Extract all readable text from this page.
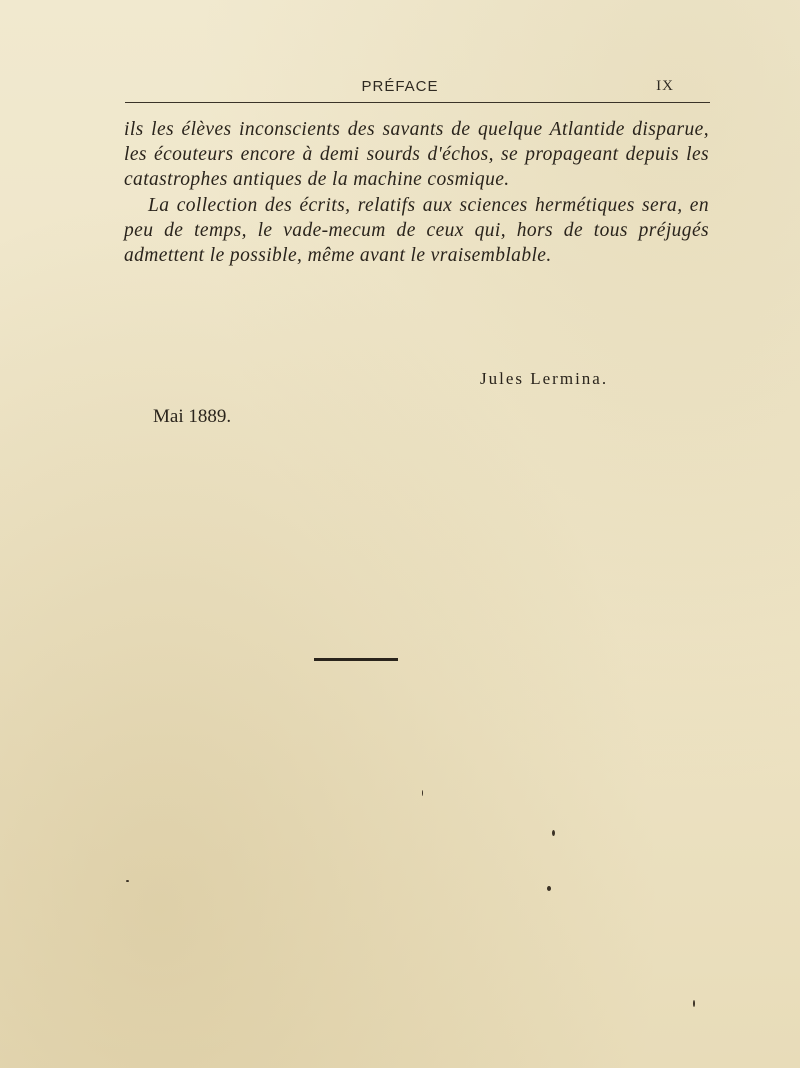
PRÉFACE	IX

ils les élèves inconscients des savants de quelque Atlantide disparue, les écouteurs encore à demi sourds d'échos, se propageant depuis les catastrophes antiques de la machine cosmique.

La collection des écrits, relatifs aux sciences hermétiques sera, en peu de temps, le vade-mecum de ceux qui, hors de tous préjugés admettent le possible, même avant le vraisemblable.

Jules Lermina.
Mai 1889.
